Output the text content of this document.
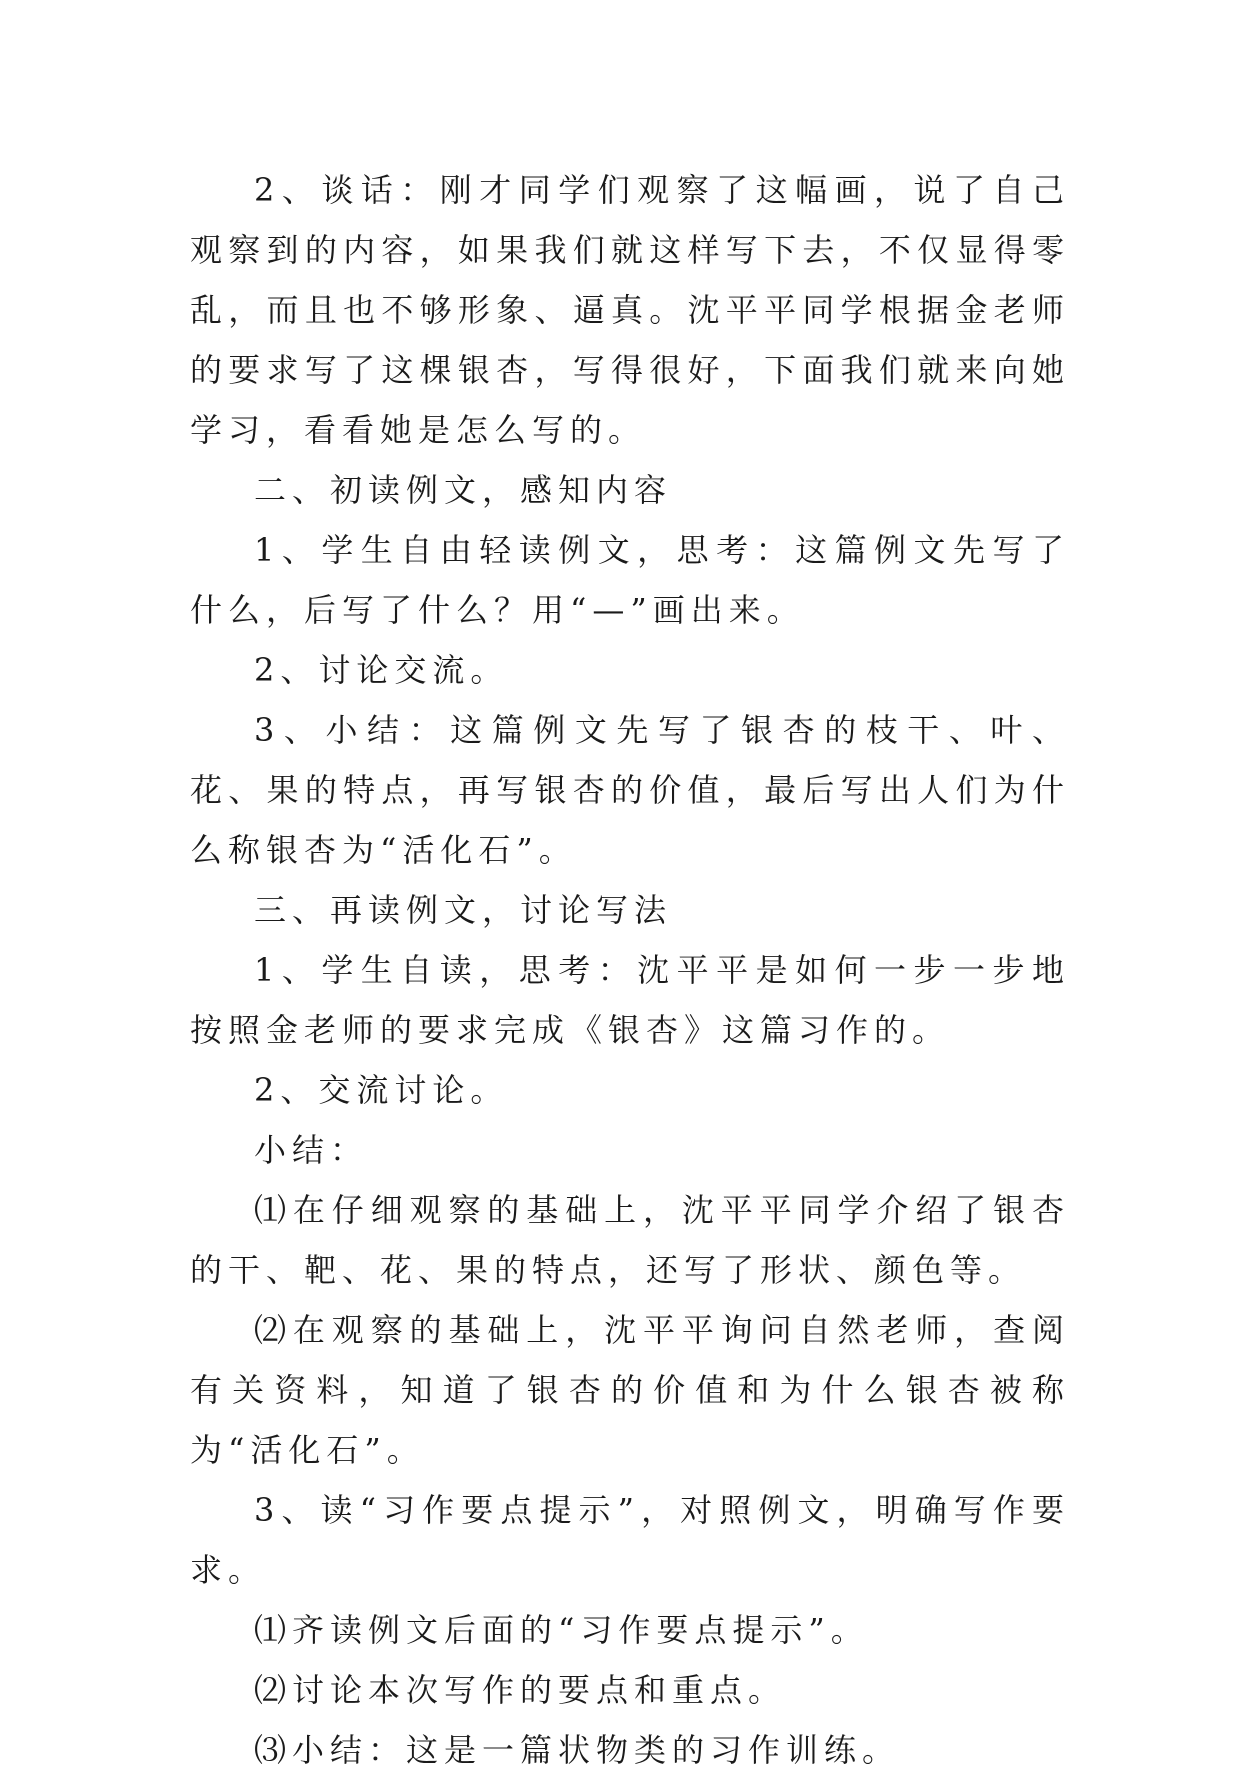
2、谈话：刚才同学们观察了这幅画，说了自己观察到的内容，如果我们就这样写下去，不仅显得零乱，而且也不够形象、逼真。沈平平同学根据金老师的要求写了这棵银杏，写得很好，下面我们就来向她学习，看看她是怎么写的。

二、初读例文，感知内容

1、学生自由轻读例文，思考：这篇例文先写了什么，后写了什么？用“—”画出来。

2、讨论交流。

3、小结：这篇例文先写了银杏的枝干、叶、花、果的特点，再写银杏的价值，最后写出人们为什么称银杏为“活化石”。

三、再读例文，讨论写法

1、学生自读，思考：沈平平是如何一步一步地按照金老师的要求完成《银杏》这篇习作的。

2、交流讨论。

小结：

⑴在仔细观察的基础上，沈平平同学介绍了银杏的干、靶、花、果的特点，还写了形状、颜色等。

⑵在观察的基础上，沈平平询问自然老师，查阅有关资料，知道了银杏的价值和为什么银杏被称为“活化石”。

3、读“习作要点提示”，对照例文，明确写作要求。

⑴齐读例文后面的“习作要点提示”。

⑵讨论本次写作的要点和重点。

⑶小结：这是一篇状物类的习作训练。
